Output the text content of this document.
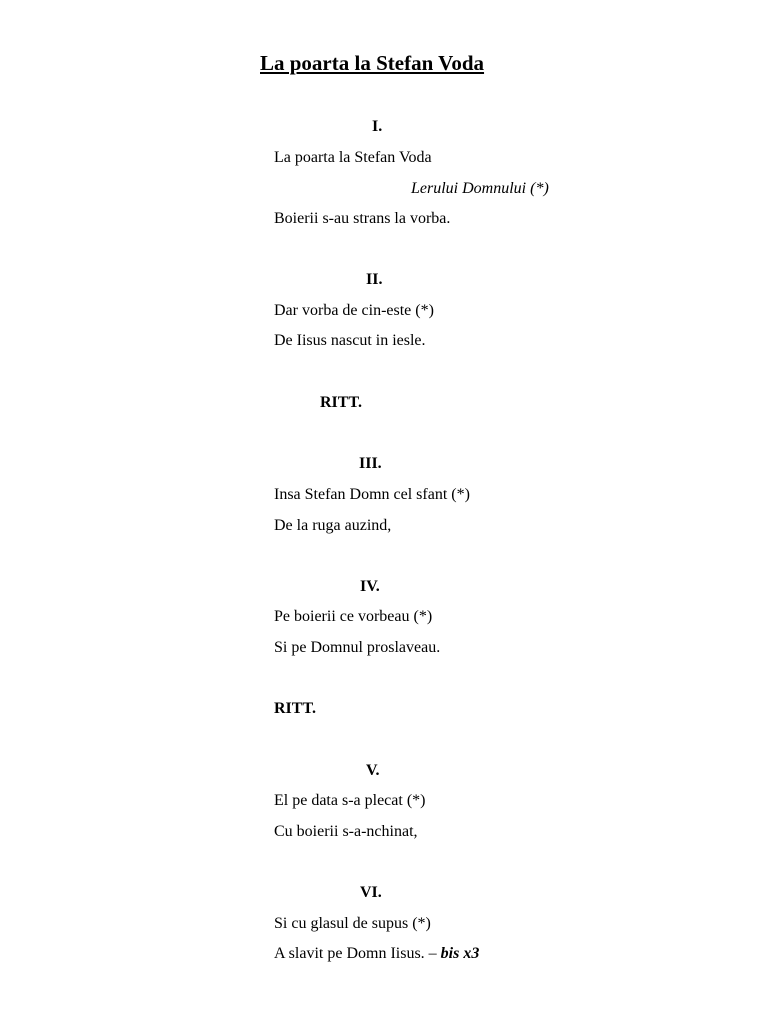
La poarta la Stefan Voda
I.
La poarta la Stefan Voda
Lerului Domnului (*)
Boierii s-au strans la vorba.
II.
Dar vorba de cin-este (*)
De Iisus nascut in iesle.
RITT.
III.
Insa Stefan Domn cel sfant (*)
De la ruga auzind,
IV.
Pe boierii ce vorbeau (*)
Si pe Domnul proslaveau.
RITT.
V.
El pe data s-a plecat (*)
Cu boierii s-a-nchinat,
VI.
Si cu glasul de supus (*)
A slavit pe Domn Iisus. – bis x3
